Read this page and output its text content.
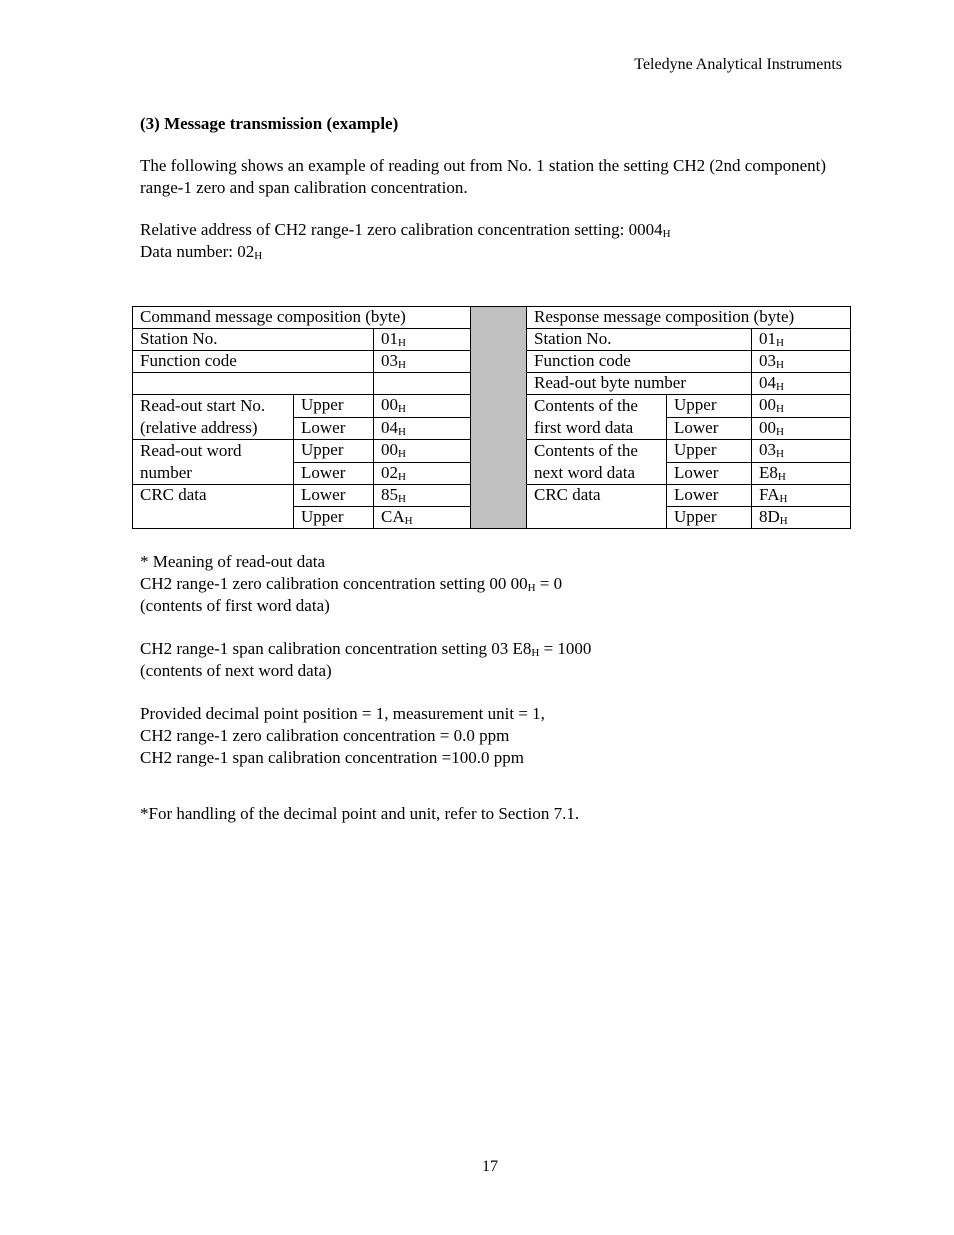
Teledyne Analytical Instruments
(3) Message transmission (example)
The following shows an example of reading out from No. 1 station the setting CH2 (2nd component) range-1 zero and span calibration concentration.
Relative address of CH2 range-1 zero calibration concentration setting: $0004_H$
Data number: $02_H$
Command message composition (byte)				Response message composition (byte)		
Station No.		$01_H$		Station No.		$01_H$
Function code		$03_H$		Function code		$03_H$
				Read-out byte number		$04_H$
Read-out start No. (relative address)	Upper	$00_H$		Contents of the first word data	Upper	$00_H$
	Lower	$04_H$			Lower	$00_H$
Read-out word number	Upper	$00_H$		Contents of the next word data	Upper	$03_H$
	Lower	$02_H$			Lower	$E8_H$
CRC data	Lower	$85_H$		CRC data	Lower	$FA_H$
	Upper	$CA_H$			Upper	$8D_H$

* Meaning of read-out data

CH2 range-1 zero calibration concentration setting 00 $00_H = 0$

(contents of first word data)

CH2 range-1 span calibration concentration setting 03 $E8_H = 1000$

(contents of next word data)

Provided decimal point position = 1, measurement unit = 1,

CH2 range-1 zero calibration concentration = 0.0 ppm

CH2 range-1 span calibration concentration =100.0 ppm

*For handling of the decimal point and unit, refer to Section 7.1.

17
